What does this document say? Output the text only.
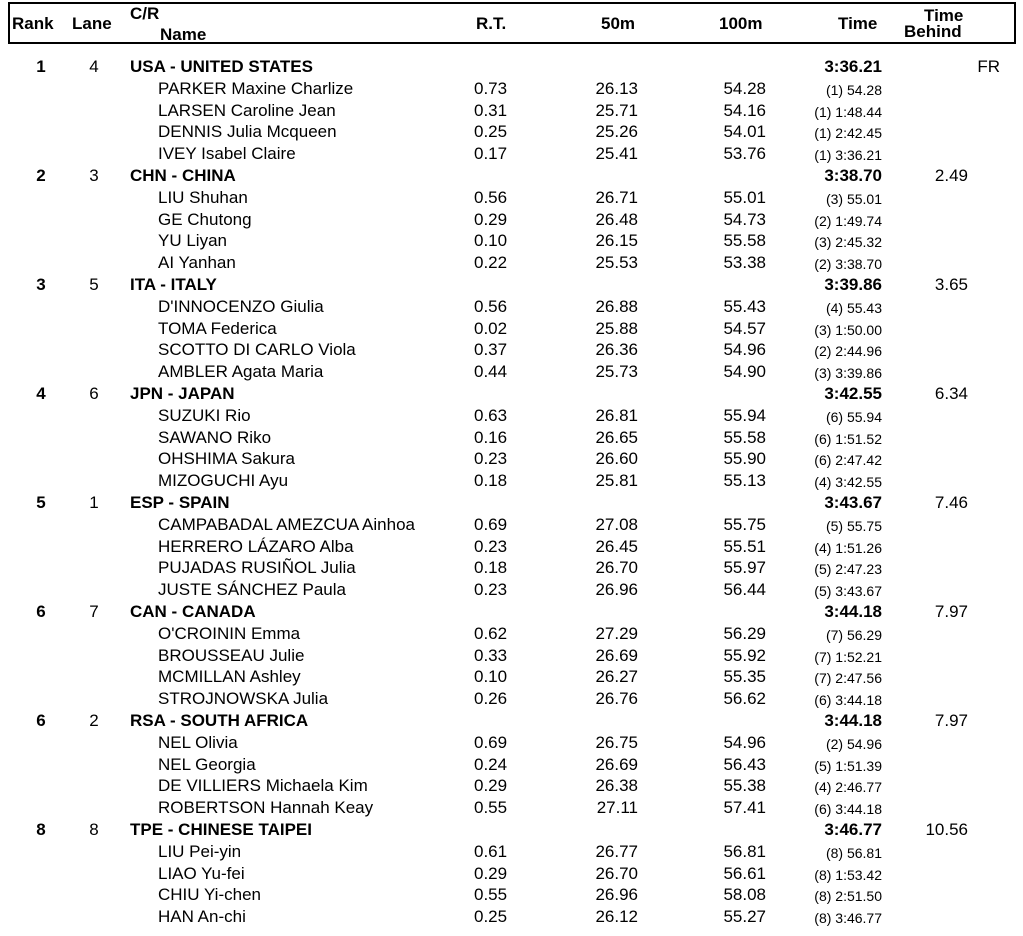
Rank Lane
C/R
Name
R.T.	50m	100m	Time	Time
Behind
1	4	USA - UNITED STATES	3:36.21	FR
PARKER Maxine Charlize	0.73	26.13	54.28	(1) 54.28
LARSEN Caroline Jean	0.31	25.71	54.16	(1) 1:48.44
DENNIS Julia Mcqueen	0.25	25.26	54.01	(1) 2:42.45
IVEY Isabel Claire	0.17	25.41	53.76	(1) 3:36.21
2	3	CHN - CHINA	3:38.70	2.49
LIU Shuhan	0.56	26.71	55.01	(3) 55.01
GE Chutong	0.29	26.48	54.73	(2) 1:49.74
YU Liyan	0.10	26.15	55.58	(3) 2:45.32
AI Yanhan	0.22	25.53	53.38	(2) 3:38.70
3	5	ITA - ITALY	3:39.86	3.65
D'INNOCENZO Giulia	0.56	26.88	55.43	(4) 55.43
TOMA Federica	0.02	25.88	54.57	(3) 1:50.00
SCOTTO DI CARLO Viola	0.37	26.36	54.96	(2) 2:44.96
AMBLER Agata Maria	0.44	25.73	54.90	(3) 3:39.86
4	6	JPN - JAPAN	3:42.55	6.34
SUZUKI Rio	0.63	26.81	55.94	(6) 55.94
SAWANO Riko	0.16	26.65	55.58	(6) 1:51.52
OHSHIMA Sakura	0.23	26.60	55.90	(6) 2:47.42
MIZOGUCHI Ayu	0.18	25.81	55.13	(4) 3:42.55
5	1	ESP - SPAIN	3:43.67	7.46
CAMPABADAL AMEZCUA Ainhoa	0.69	27.08	55.75	(5) 55.75
HERRERO LÁZARO Alba	0.23	26.45	55.51	(4) 1:51.26
PUJADAS RUSIÑOL Julia	0.18	26.70	55.97	(5) 2:47.23
JUSTE SÁNCHEZ Paula	0.23	26.96	56.44	(5) 3:43.67
6	7	CAN - CANADA	3:44.18	7.97
O'CROININ Emma	0.62	27.29	56.29	(7) 56.29
BROUSSEAU Julie	0.33	26.69	55.92	(7) 1:52.21
MCMILLAN Ashley	0.10	26.27	55.35	(7) 2:47.56
STROJNOWSKA Julia	0.26	26.76	56.62	(6) 3:44.18
6	2	RSA - SOUTH AFRICA	3:44.18	7.97
NEL Olivia	0.69	26.75	54.96	(2) 54.96
NEL Georgia	0.24	26.69	56.43	(5) 1:51.39
DE VILLIERS Michaela Kim	0.29	26.38	55.38	(4) 2:46.77
ROBERTSON Hannah Keay	0.55	27.11	57.41	(6) 3:44.18
8	8	TPE - CHINESE TAIPEI	3:46.77	10.56
LIU Pei-yin	0.61	26.77	56.81	(8) 56.81
LIAO Yu-fei	0.29	26.70	56.61	(8) 1:53.42
CHIU Yi-chen	0.55	26.96	58.08	(8) 2:51.50
HAN An-chi	0.25	26.12	55.27	(8) 3:46.77
